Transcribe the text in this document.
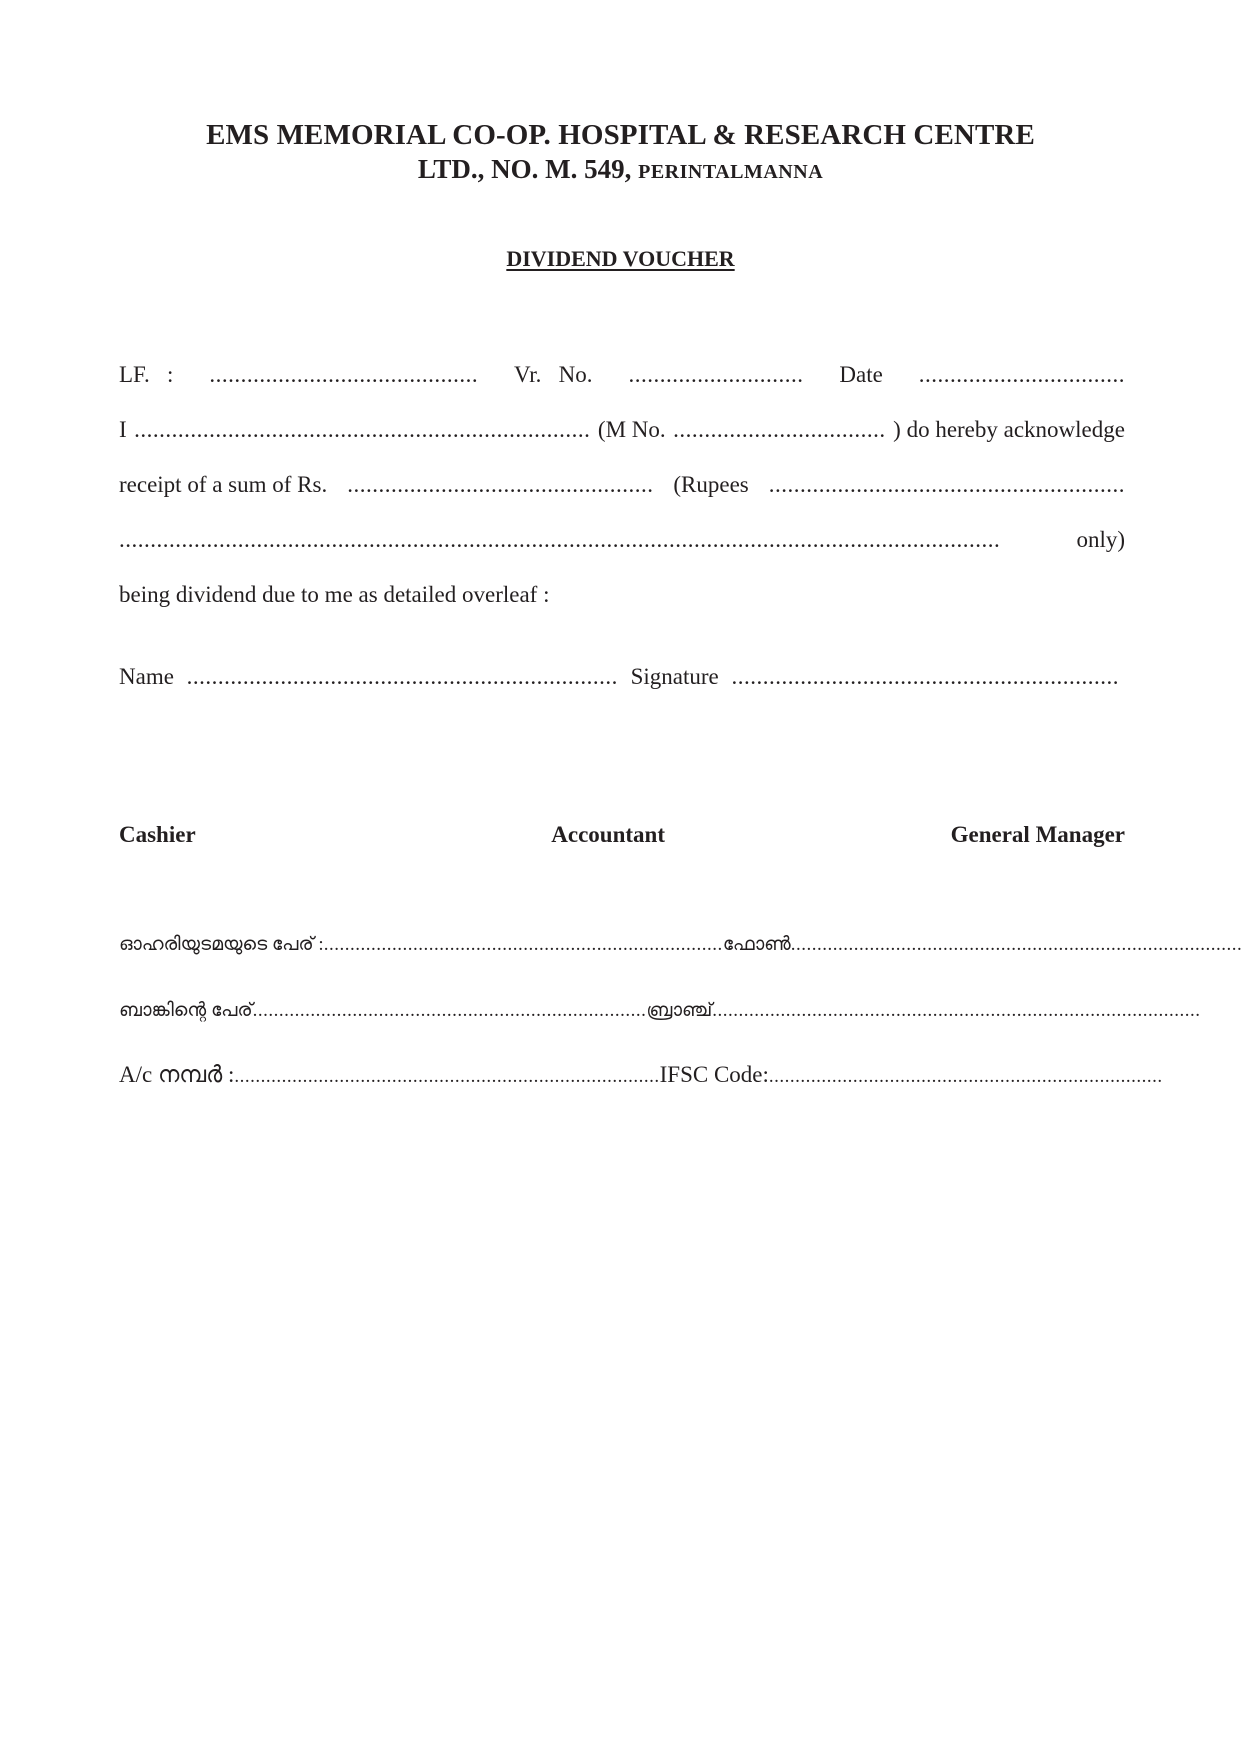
EMS MEMORIAL CO-OP. HOSPITAL & RESEARCH CENTRE
LTD., NO. M. 549, PERINTALMANNA
DIVIDEND VOUCHER
LF.   : ........................................... Vr.   No. ............................ Date .................................
I ......................................................................... (M No. .................................. ) do hereby acknowledge
receipt of a sum of Rs. ................................................. (Rupees .........................................................
.............................................................................................................................................	only)
being dividend due to me as detailed overleaf :
Name ..................................................................... Signature ..............................................................
Cashier	Accountant	General Manager
ഓഹരിയുടമയുടെ പേര് : ............................................................................ ഫോൺ ......................................................................................
ബാങ്കിന്റെ പേര് ........................................................................... ബ്രാഞ്ച് .............................................................................................
A/c നമ്പർ : ................................................................................. IFSC Code: ...........................................................................
